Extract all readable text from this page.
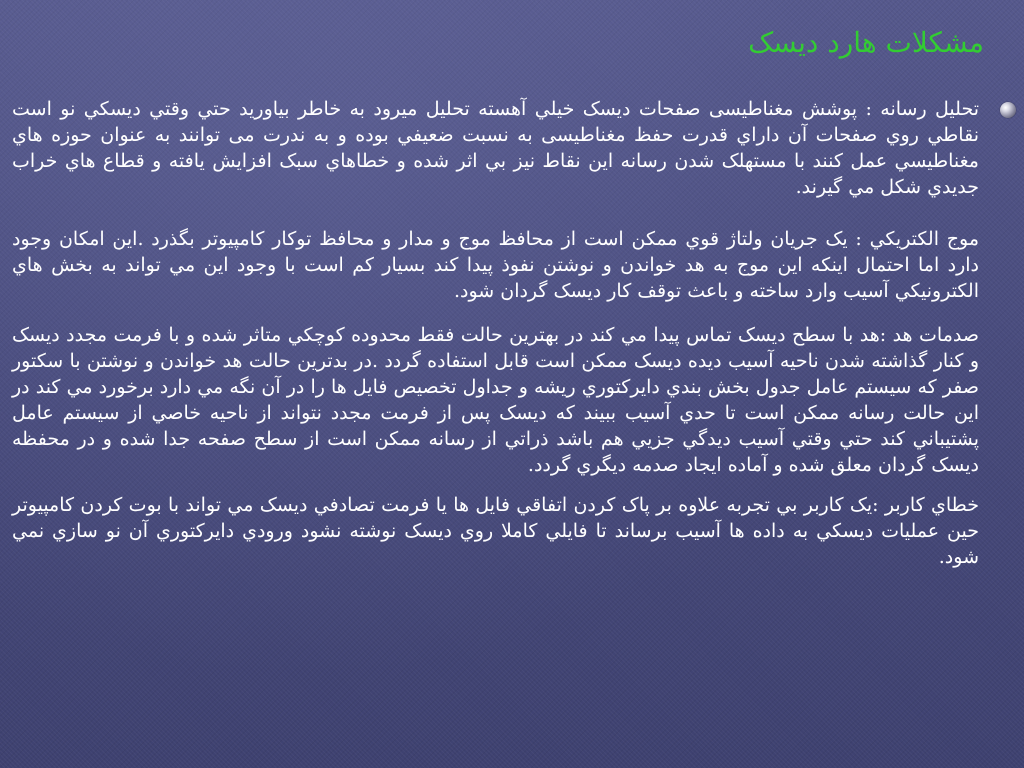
مشکلات هارد ديسک

تحليل رسانه : پوشش مغناطيسی صفحات ديسک خيلي آهسته تحليل ميرود به خاطر بياوريد حتي وقتي ديسکي نو است نقاطي روي صفحات آن داراي قدرت حفظ مغناطيسی به نسبت ضعيفي بوده و به ندرت می توانند به عنوان حوزه هاي مغناطيسي عمل کنند با مستهلک شدن رسانه اين نقاط نيز بي اثر شده و خطاهاي سبک افزايش يافته و قطاع هاي خراب جديدي شکل مي گيرند.

موج الکتريکي : يک جريان ولتاژ قوي ممکن است از محافظ موج و مدار و محافظ توکار کامپيوتر بگذرد .اين امکان وجود دارد اما احتمال اينکه اين موج به هد خواندن و نوشتن نفوذ پيدا کند بسيار کم است با وجود اين مي تواند به بخش هاي الکترونيکي آسيب وارد ساخته و باعث توقف کار ديسک گردان شود.

صدمات هد :هد با سطح ديسک تماس پيدا مي کند در بهترين حالت فقط محدوده کوچکي متاثر شده و با فرمت مجدد ديسک و کنار گذاشته شدن ناحيه آسيب ديده ديسک ممکن است قابل استفاده گردد .در بدترين حالت هد خواندن و نوشتن با سکتور صفر که سيستم عامل جدول بخش بندي دايرکتوري ريشه و جداول تخصيص فايل ها را در آن نگه مي دارد برخورد مي کند در اين حالت رسانه ممکن است تا حدي آسيب ببيند که ديسک پس از فرمت مجدد نتواند از ناحيه خاصي از سيستم عامل پشتيباني کند حتي وقتي آسيب ديدگي جزيي هم باشد ذراتي از رسانه ممکن است از سطح صفحه جدا شده و در محفظه ديسک گردان معلق شده و آماده ايجاد صدمه ديگري گردد.

خطاي کاربر :يک کاربر بي تجربه علاوه بر پاک کردن اتفاقي فايل ها يا فرمت تصادفي ديسک مي تواند با بوت کردن کامپيوتر حين عمليات ديسکي به داده ها آسيب برساند تا فايلي کاملا روي ديسک نوشته نشود ورودي دايرکتوري آن نو سازي نمي شود.
